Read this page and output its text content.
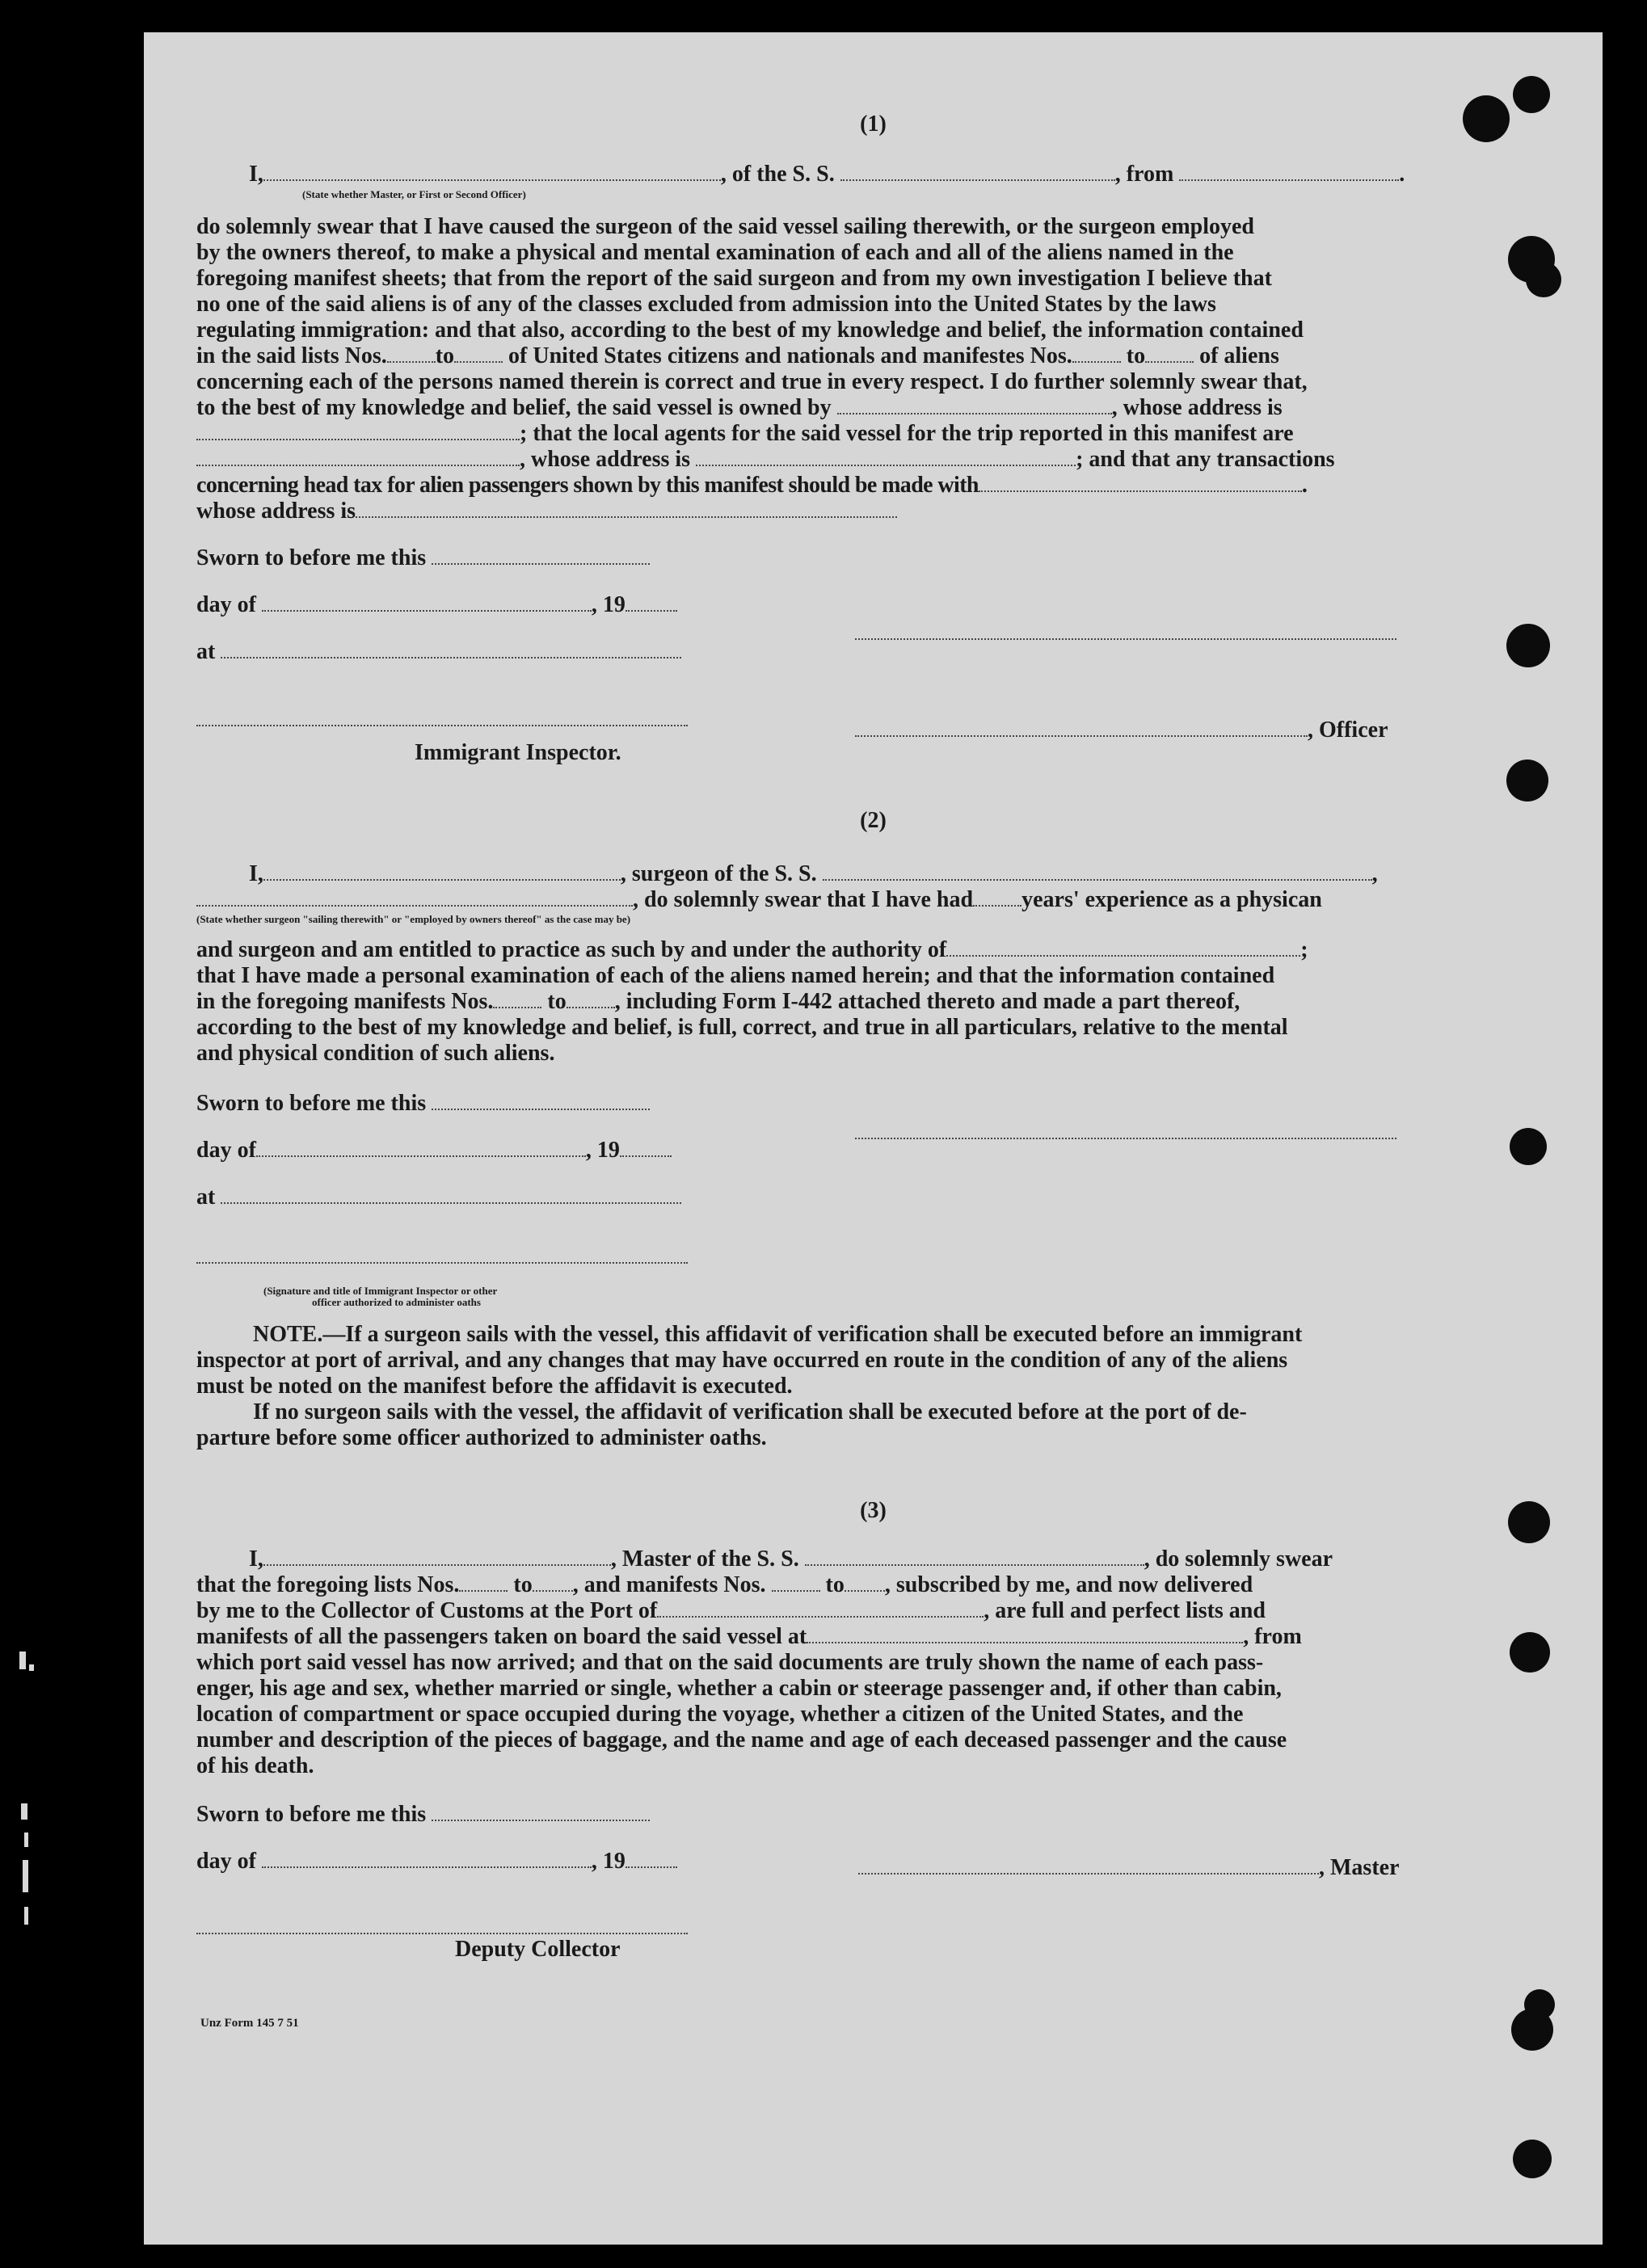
(1)
I,	, of the S. S.	, from	.
(State whether Master, or First or Second Officer)
do solemnly swear that I have caused the surgeon of the said vessel sailing therewith, or the surgeon employed
by the owners thereof, to make a physical and mental examination of each and all of the aliens named in the
foregoing manifest sheets; that from the report of the said surgeon and from my own investigation I believe that
no one of the said aliens is of any of the classes excluded from admission into the United States by the laws
regulating immigration: and that also, according to the best of my knowledge and belief, the information contained
in the said lists Nos. to of United States citizens and nationals and manifestes Nos. to of aliens
concerning each of the persons named therein is correct and true in every respect. I do further solemnly swear that,
to the best of my knowledge and belief, the said vessel is owned by	, whose address is
; that the local agents for the said vessel for the trip reported in this manifest are
, whose address is	; and that any transactions
concerning head tax for alien passengers shown by this manifest should be made with	.
whose address is
Sworn to before me this
day of	, 19
at
Immigrant Inspector.
, Officer
(2)
I,	, surgeon of the S. S.	,
, do solemnly swear that I have had years' experience as a physican
(State whether surgeon "sailing therewith" or "employed by owners thereof" as the case may be)
and surgeon and am entitled to practice as such by and under the authority of	;
that I have made a personal examination of each of the aliens named herein; and that the information contained
in the foregoing manifests Nos. to , including Form I-442 attached thereto and made a part thereof,
according to the best of my knowledge and belief, is full, correct, and true in all particulars, relative to the mental
and physical condition of such aliens.
Sworn to before me this
day of	, 19
at
(Signature and title of Immigrant Inspector or other
officer authorized to administer oaths
NOTE.—If a surgeon sails with the vessel, this affidavit of verification shall be executed before an immigrant
inspector at port of arrival, and any changes that may have occurred en route in the condition of any of the aliens
must be noted on the manifest before the affidavit is executed.
If no surgeon sails with the vessel, the affidavit of verification shall be executed before at the port of de-
parture before some officer authorized to administer oaths.
(3)
I,	, Master of the S. S.	, do solemnly swear
that the foregoing lists Nos. to , and manifests Nos.	to , subscribed by me, and now delivered
by me to the Collector of Customs at the Port of	, are full and perfect lists and
manifests of all the passengers taken on board the said vessel at	, from
which port said vessel has now arrived; and that on the said documents are truly shown the name of each pass-
enger, his age and sex, whether married or single, whether a cabin or steerage passenger and, if other than cabin,
location of compartment or space occupied during the voyage, whether a citizen of the United States, and the
number and description of the pieces of baggage, and the name and age of each deceased passenger and the cause
of his death.
Sworn to before me this
day of	, 19	, Master
Deputy Collector
Unz Form 145 7 51
